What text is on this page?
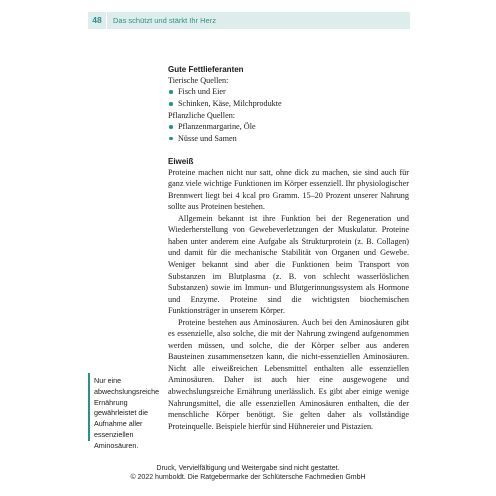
48	Das schützt und stärkt Ihr Herz
Gute Fettlieferanten
Tierische Quellen:
Fisch und Eier
Schinken, Käse, Milchprodukte
Pflanzliche Quellen:
Pflanzenmargarine, Öle
Nüsse und Samen
Eiweiß

Proteine machen nicht nur satt, ohne dick zu machen, sie sind auch für ganz viele wichtige Funktionen im Körper essenziell. Ihr physiologischer Brennwert liegt bei 4 kcal pro Gramm. 15–20 Prozent unserer Nahrung sollte aus Proteinen bestehen.

Allgemein bekannt ist ihre Funktion bei der Regeneration und Wiederherstellung von Gewebeverletzungen der Muskulatur. Proteine haben unter anderem eine Aufgabe als Strukturprotein (z. B. Collagen) und damit für die mechanische Stabilität von Organen und Gewebe. Weniger bekannt sind aber die Funktionen beim Transport von Substanzen im Blutplasma (z. B. von schlecht wasserlöslichen Substanzen) sowie im Immun- und Blutgerinnungssystem als Hormone und Enzyme. Proteine sind die wichtigsten biochemischen Funktionsträger in unserem Körper.

Proteine bestehen aus Aminosäuren. Auch bei den Aminosäuren gibt es essenzielle, also solche, die mit der Nahrung zwingend aufgenommen werden müssen, und solche, die der Körper selber aus anderen Bausteinen zusammensetzen kann, die nicht-essenziellen Aminosäuren. Nicht alle eiweißreichen Lebensmittel enthalten alle essenziellen Aminosäuren. Daher ist auch hier eine ausgewogene und abwechslungsreiche Ernährung unerlässlich. Es gibt aber einige wenige Nahrungsmittel, die alle essenziellen Aminosäuren enthalten, die der menschliche Körper benötigt. Sie gelten daher als vollständige Proteinquelle. Beispiele hierfür sind Hühnereier und Pistazien.

Nur eine abwechslungsreiche Ernährung gewährleistet die Aufnahme aller essenziellen Aminosäuren.
Druck, Vervielfältigung und Weitergabe sind nicht gestattet.
© 2022 humboldt. Die Ratgebermarke der Schlütersche Fachmedien GmbH
